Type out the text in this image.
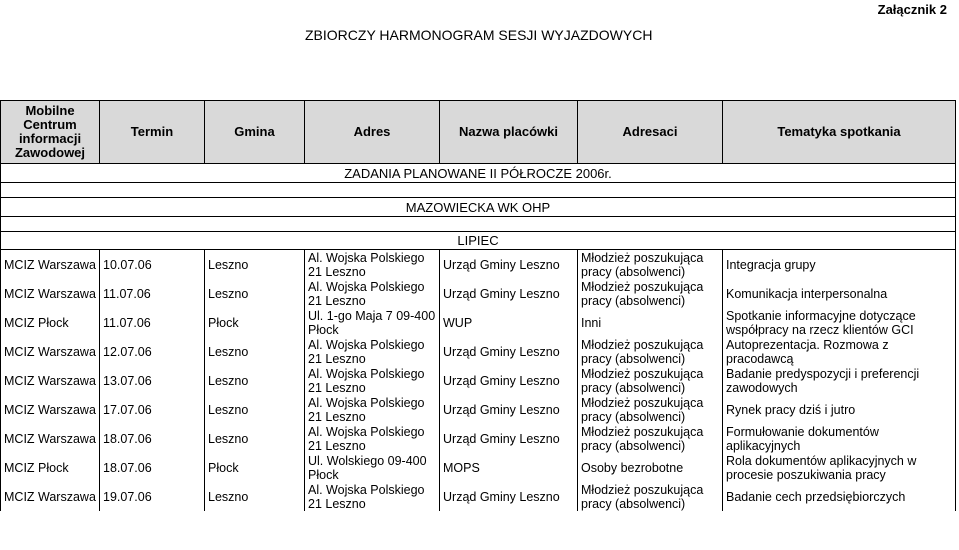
Załącznik 2
ZBIORCZY HARMONOGRAM SESJI WYJAZDOWYCH
Mobilne Centrum informacji Zawodowej	Termin	Gmina	Adres	Nazwa placówki	Adresaci	Tematyka spotkania
ZADANIA PLANOWANE II PÓŁROCZE 2006r.						

MAZOWIECKA WK OHP						

LIPIEC						
MCIZ Warszawa	10.07.06	Leszno	Al. Wojska Polskiego 21 Leszno	Urząd Gminy Leszno	Młodzież poszukująca pracy (absolwenci)	Integracja grupy
MCIZ Warszawa	11.07.06	Leszno	Al. Wojska Polskiego 21 Leszno	Urząd Gminy Leszno	Młodzież poszukująca pracy (absolwenci)	Komunikacja interpersonalna
MCIZ Płock	11.07.06	Płock	Ul. 1-go Maja 7 09-400 Płock	WUP	Inni	Spotkanie informacyjne dotyczące współpracy na rzecz klientów GCI
MCIZ Warszawa	12.07.06	Leszno	Al. Wojska Polskiego 21 Leszno	Urząd Gminy Leszno	Młodzież poszukująca pracy (absolwenci)	Autoprezentacja. Rozmowa z pracodawcą
MCIZ Warszawa	13.07.06	Leszno	Al. Wojska Polskiego 21 Leszno	Urząd Gminy Leszno	Młodzież poszukująca pracy (absolwenci)	Badanie predyspozycji i preferencji zawodowych
MCIZ Warszawa	17.07.06	Leszno	Al. Wojska Polskiego 21 Leszno	Urząd Gminy Leszno	Młodzież poszukująca pracy (absolwenci)	Rynek pracy dziś i jutro
MCIZ Warszawa	18.07.06	Leszno	Al. Wojska Polskiego 21 Leszno	Urząd Gminy Leszno	Młodzież poszukująca pracy (absolwenci)	Formułowanie dokumentów aplikacyjnych
MCIZ Płock	18.07.06	Płock	Ul. Wolskiego 09-400 Płock	MOPS	Osoby bezrobotne	Rola dokumentów aplikacyjnych w procesie poszukiwania pracy
MCIZ Warszawa	19.07.06	Leszno	Al. Wojska Polskiego 21 Leszno	Urząd Gminy Leszno	Młodzież poszukująca pracy (absolwenci)	Badanie cech przedsiębiorczych
